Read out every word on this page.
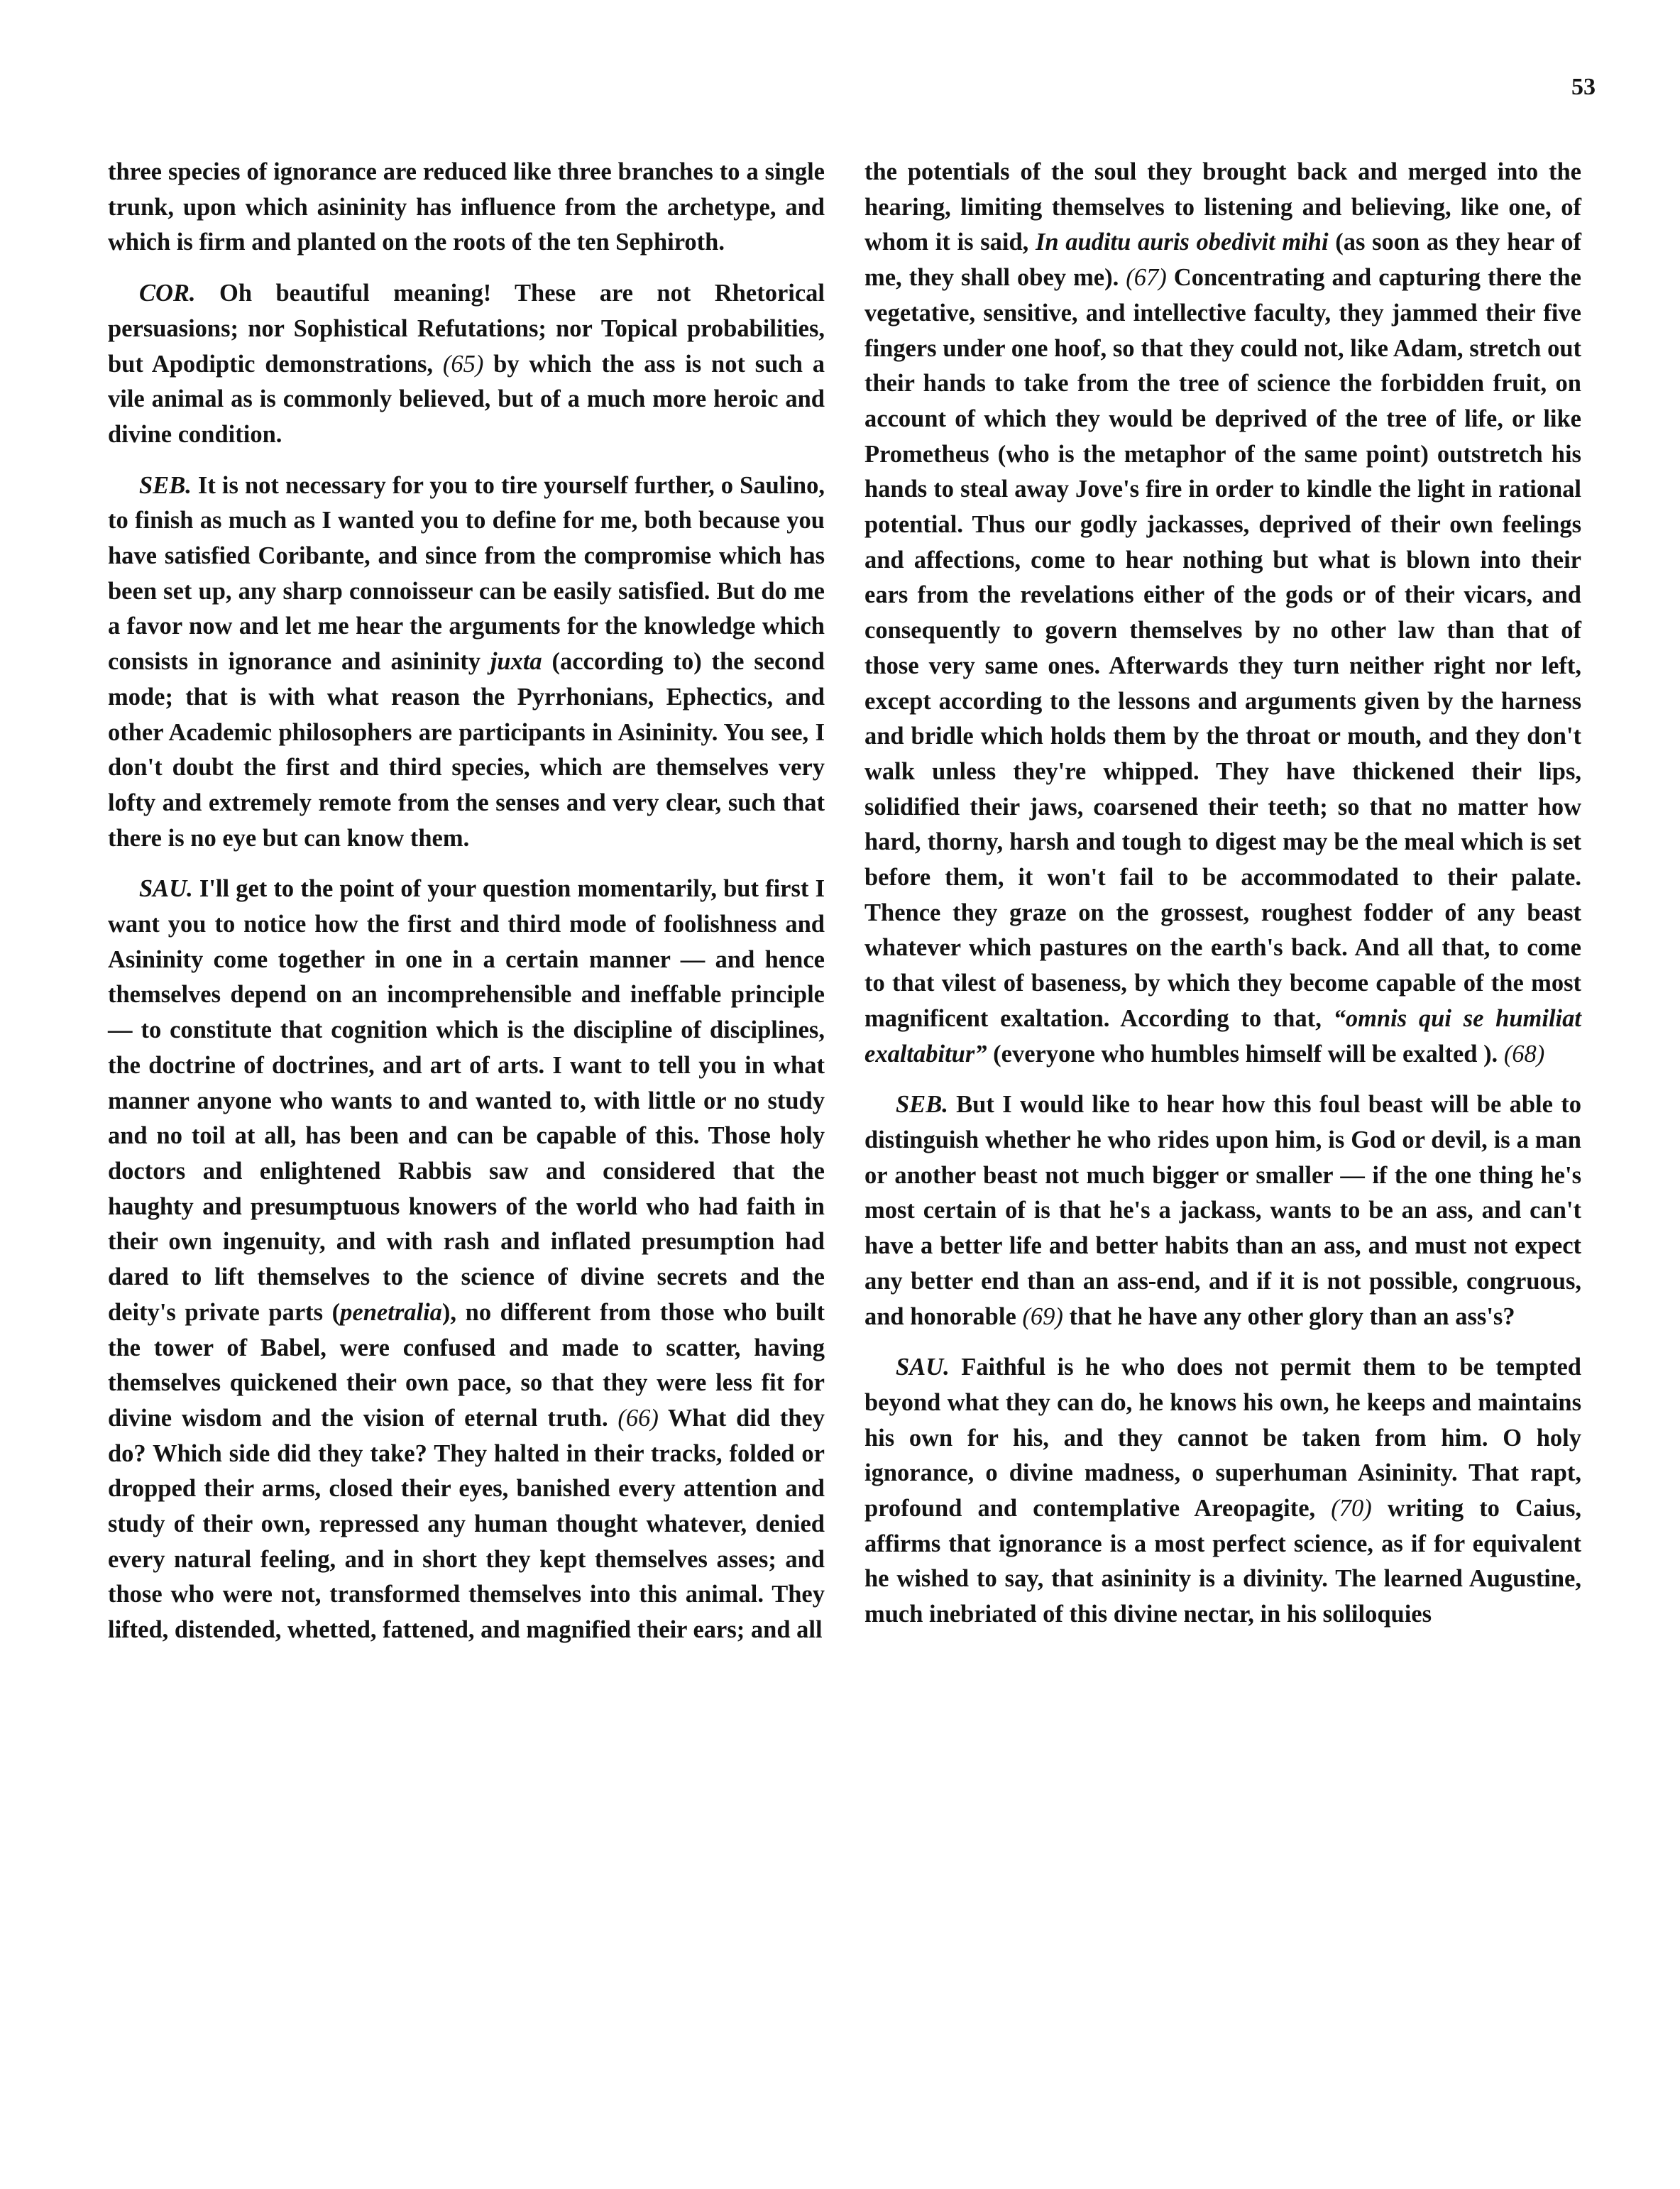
53

three species of ignorance are reduced like three branches to a single trunk, upon which asininity has influence from the archetype, and which is firm and planted on the roots of the ten Sephiroth.

COR. Oh beautiful meaning! These are not Rhetorical persuasions; nor Sophistical Refutations; nor Topical probabilities, but Apodiptic demonstrations, (65) by which the ass is not such a vile animal as is commonly believed, but of a much more heroic and divine condition.

SEB. It is not necessary for you to tire yourself further, o Saulino, to finish as much as I wanted you to define for me, both because you have satisfied Coribante, and since from the compromise which has been set up, any sharp connoisseur can be easily satisfied. But do me a favor now and let me hear the arguments for the knowledge which consists in ignorance and asininity juxta (according to) the second mode; that is with what reason the Pyrrhonians, Ephectics, and other Academic philosophers are participants in Asininity. You see, I don't doubt the first and third species, which are themselves very lofty and extremely remote from the senses and very clear, such that there is no eye but can know them.

SAU. I'll get to the point of your question momentarily, but first I want you to notice how the first and third mode of foolishness and Asininity come together in one in a certain manner — and hence themselves depend on an incomprehensible and ineffable principle — to constitute that cognition which is the discipline of disciplines, the doctrine of doctrines, and art of arts. I want to tell you in what manner anyone who wants to and wanted to, with little or no study and no toil at all, has been and can be capable of this. Those holy doctors and enlightened Rabbis saw and considered that the haughty and presumptuous knowers of the world who had faith in their own ingenuity, and with rash and inflated presumption had dared to lift themselves to the science of divine secrets and the deity's private parts (penetralia), no different from those who built the tower of Babel, were confused and made to scatter, having themselves quickened their own pace, so that they were less fit for divine wisdom and the vision of eternal truth. (66) What did they do? Which side did they take? They halted in their tracks, folded or dropped their arms, closed their eyes, banished every attention and study of their own, repressed any human thought whatever, denied every natural feeling, and in short they kept themselves asses; and those who were not, transformed themselves into this animal. They lifted, distended, whetted, fattened, and magnified their ears; and all

the potentials of the soul they brought back and merged into the hearing, limiting themselves to listening and believing, like one, of whom it is said, In auditu auris obedivit mihi (as soon as they hear of me, they shall obey me). (67) Concentrating and capturing there the vegetative, sensitive, and intellective faculty, they jammed their five fingers under one hoof, so that they could not, like Adam, stretch out their hands to take from the tree of science the forbidden fruit, on account of which they would be deprived of the tree of life, or like Prometheus (who is the metaphor of the same point) outstretch his hands to steal away Jove's fire in order to kindle the light in rational potential. Thus our godly jackasses, deprived of their own feelings and affections, come to hear nothing but what is blown into their ears from the revelations either of the gods or of their vicars, and consequently to govern themselves by no other law than that of those very same ones. Afterwards they turn neither right nor left, except according to the lessons and arguments given by the harness and bridle which holds them by the throat or mouth, and they don't walk unless they're whipped. They have thickened their lips, solidified their jaws, coarsened their teeth; so that no matter how hard, thorny, harsh and tough to digest may be the meal which is set before them, it won't fail to be accommodated to their palate. Thence they graze on the grossest, roughest fodder of any beast whatever which pastures on the earth's back. And all that, to come to that vilest of baseness, by which they become capable of the most magnificent exaltation. According to that, “omnis qui se humiliat exaltabitur” (everyone who humbles himself will be exalted ). (68)

SEB. But I would like to hear how this foul beast will be able to distinguish whether he who rides upon him, is God or devil, is a man or another beast not much bigger or smaller — if the one thing he's most certain of is that he's a jackass, wants to be an ass, and can't have a better life and better habits than an ass, and must not expect any better end than an ass-end, and if it is not possible, congruous, and honorable (69) that he have any other glory than an ass's?

SAU. Faithful is he who does not permit them to be tempted beyond what they can do, he knows his own, he keeps and maintains his own for his, and they cannot be taken from him. O holy ignorance, o divine madness, o superhuman Asininity. That rapt, profound and contemplative Areopagite, (70) writing to Caius, affirms that ignorance is a most perfect science, as if for equivalent he wished to say, that asininity is a divinity. The learned Augustine, much inebriated of this divine nectar, in his soliloquies
